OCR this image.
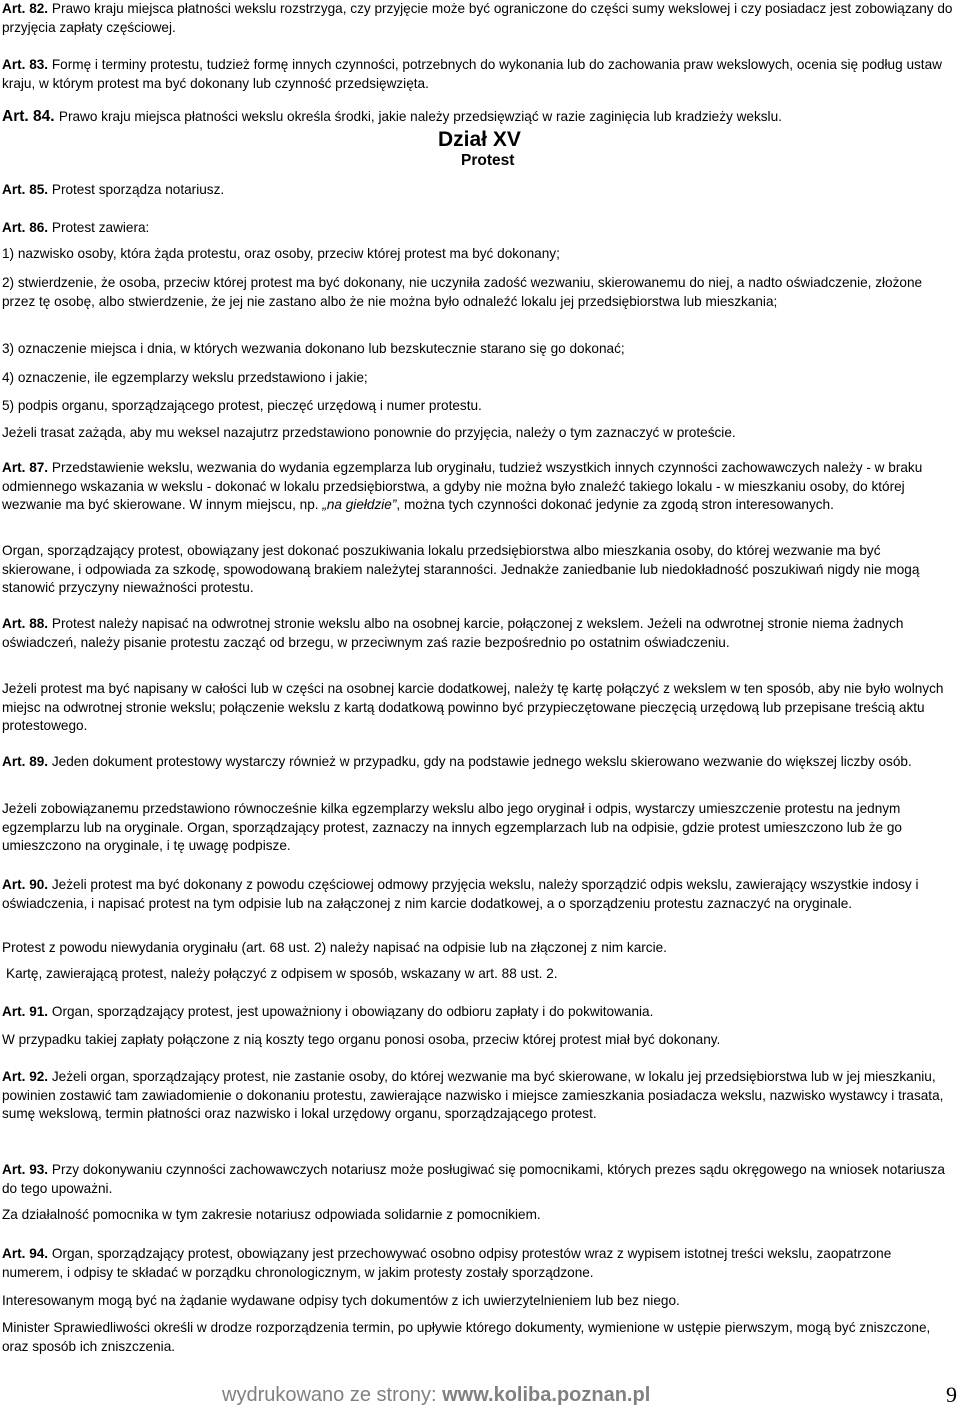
Art. 82. Prawo kraju miejsca płatności wekslu rozstrzyga, czy przyjęcie może być ograniczone do części sumy wekslowej i czy posiadacz jest zobowiązany do przyjęcia zapłaty częściowej.

Art. 83. Formę i terminy protestu, tudzież formę innych czynności, potrzebnych do wykonania lub do zachowania praw wekslowych, ocenia się podług ustaw kraju, w którym protest ma być dokonany lub czynność przedsięwzięta.

Art. 84. Prawo kraju miejsca płatności wekslu określa środki, jakie należy przedsięwziąć w razie zaginięcia lub kradzieży wekslu.

Dział XV
Protest

Art. 85. Protest sporządza notariusz.

Art. 86. Protest zawiera:

1) nazwisko osoby, która żąda protestu, oraz osoby, przeciw której protest ma być dokonany;

2) stwierdzenie, że osoba, przeciw której protest ma być dokonany, nie uczyniła zadość wezwaniu, skierowanemu do niej, a nadto oświadczenie, złożone przez tę osobę, albo stwierdzenie, że jej nie zastano albo że nie można było odnaleźć lokalu jej przedsiębiorstwa lub mieszkania;

3) oznaczenie miejsca i dnia, w których wezwania dokonano lub bezskutecznie starano się go dokonać;

4) oznaczenie, ile egzemplarzy wekslu przedstawiono i jakie;

5) podpis organu, sporządzającego protest, pieczęć urzędową i numer protestu.

Jeżeli trasat zażąda, aby mu weksel nazajutrz przedstawiono ponownie do przyjęcia, należy o tym zaznaczyć w proteście.

Art. 87. Przedstawienie wekslu, wezwania do wydania egzemplarza lub oryginału, tudzież wszystkich innych czynności zachowawczych należy - w braku odmiennego wskazania w wekslu - dokonać w lokalu przedsiębiorstwa, a gdyby nie można było znaleźć takiego lokalu - w mieszkaniu osoby, do której wezwanie ma być skierowane. W innym miejscu, np. „na giełdzie”, można tych czynności dokonać jedynie za zgodą stron interesowanych.

Organ, sporządzający protest, obowiązany jest dokonać poszukiwania lokalu przedsiębiorstwa albo mieszkania osoby, do której wezwanie ma być skierowane, i odpowiada za szkodę, spowodowaną brakiem należytej staranności. Jednakże zaniedbanie lub niedokładność poszukiwań nigdy nie mogą stanowić przyczyny nieważności protestu.

Art. 88. Protest należy napisać na odwrotnej stronie wekslu albo na osobnej karcie, połączonej z wekslem. Jeżeli na odwrotnej stronie niema żadnych oświadczeń, należy pisanie protestu zacząć od brzegu, w przeciwnym zaś razie bezpośrednio po ostatnim oświadczeniu.

Jeżeli protest ma być napisany w całości lub w części na osobnej karcie dodatkowej, należy tę kartę połączyć z wekslem w ten sposób, aby nie było wolnych miejsc na odwrotnej stronie wekslu; połączenie wekslu z kartą dodatkową powinno być przypieczętowane pieczęcią urzędową lub przepisane treścią aktu protestowego.

Art. 89. Jeden dokument protestowy wystarczy również w przypadku, gdy na podstawie jednego wekslu skierowano wezwanie do większej liczby osób.

Jeżeli zobowiązanemu przedstawiono równocześnie kilka egzemplarzy wekslu albo jego oryginał i odpis, wystarczy umieszczenie protestu na jednym egzemplarzu lub na oryginale. Organ, sporządzający protest, zaznaczy na innych egzemplarzach lub na odpisie, gdzie protest umieszczono lub że go umieszczono na oryginale, i tę uwagę podpisze.

Art. 90. Jeżeli protest ma być dokonany z powodu częściowej odmowy przyjęcia wekslu, należy sporządzić odpis wekslu, zawierający wszystkie indosy i oświadczenia, i napisać protest na tym odpisie lub na załączonej z nim karcie dodatkowej, a o sporządzeniu protestu zaznaczyć na oryginale.

Protest z powodu niewydania oryginału (art. 68 ust. 2) należy napisać na odpisie lub na złączonej z nim karcie.

Kartę, zawierającą protest, należy połączyć z odpisem w sposób, wskazany w art. 88 ust. 2.

Art. 91. Organ, sporządzający protest, jest upoważniony i obowiązany do odbioru zapłaty i do pokwitowania.

W przypadku takiej zapłaty połączone z nią koszty tego organu ponosi osoba, przeciw której protest miał być dokonany.

Art. 92. Jeżeli organ, sporządzający protest, nie zastanie osoby, do której wezwanie ma być skierowane, w lokalu jej przedsiębiorstwa lub w jej mieszkaniu, powinien zostawić tam zawiadomienie o dokonaniu protestu, zawierające nazwisko i miejsce zamieszkania posiadacza wekslu, nazwisko wystawcy i trasata, sumę wekslową, termin płatności oraz nazwisko i lokal urzędowy organu, sporządzającego protest.

Art. 93. Przy dokonywaniu czynności zachowawczych notariusz może posługiwać się pomocnikami, których prezes sądu okręgowego na wniosek notariusza do tego upoważni.

Za działalność pomocnika w tym zakresie notariusz odpowiada solidarnie z pomocnikiem.

Art. 94. Organ, sporządzający protest, obowiązany jest przechowywać osobno odpisy protestów wraz z wypisem istotnej treści wekslu, zaopatrzone numerem, i odpisy te składać w porządku chronologicznym, w jakim protesty zostały sporządzone.

Interesowanym mogą być na żądanie wydawane odpisy tych dokumentów z ich uwierzytelnieniem lub bez niego.

Minister Sprawiedliwości określi w drodze rozporządzenia termin, po upływie którego dokumenty, wymienione w ustępie pierwszym, mogą być zniszczone, oraz sposób ich zniszczenia.

wydrukowano ze strony: www.koliba.poznan.pl	9
